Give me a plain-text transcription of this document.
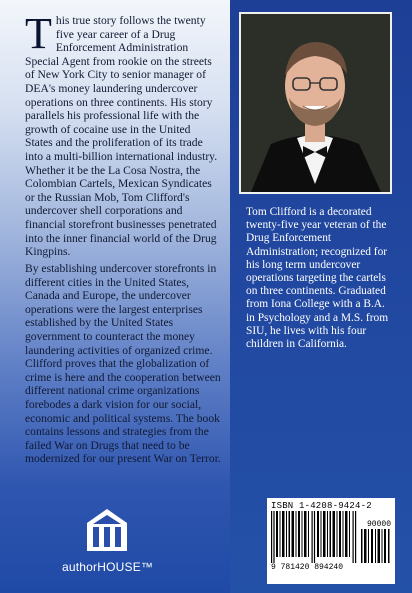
T his true story follows the twenty five year career of a Drug Enforcement Administration Special Agent from rookie on the streets of New York City to senior manager of DEA's money laundering undercover operations on three continents. His story parallels his professional life with the growth of cocaine use in the United States and the proliferation of its trade into a multi-billion international industry. Whether it be the La Cosa Nostra, the Colombian Cartels, Mexican Syndicates or the Russian Mob, Tom Clifford's undercover shell corporations and financial storefront businesses penetrated into the inner financial world of the Drug Kingpins.

By establishing undercover storefronts in different cities in the United States, Canada and Europe, the undercover operations were the largest enterprises established by the United States government to counteract the money laundering activities of organized crime. Clifford proves that the globalization of crime is here and the cooperation between different national crime organizations forebodes a dark vision for our social, economic and political systems. The book contains lessons and strategies from the failed War on Drugs that need to be modernized for our present War on Terror.

Tom Clifford is a decorated twenty-five year veteran of the Drug Enforcement Administration; recognized for his long term undercover operations targeting the cartels on three continents. Graduated from Iona College with a B.A. in Psychology and a M.S. from SIU, he lives with his four children in California.

authorHOUSE™
ISBN 1-4208-9424-2
90000
9 781420 894240
